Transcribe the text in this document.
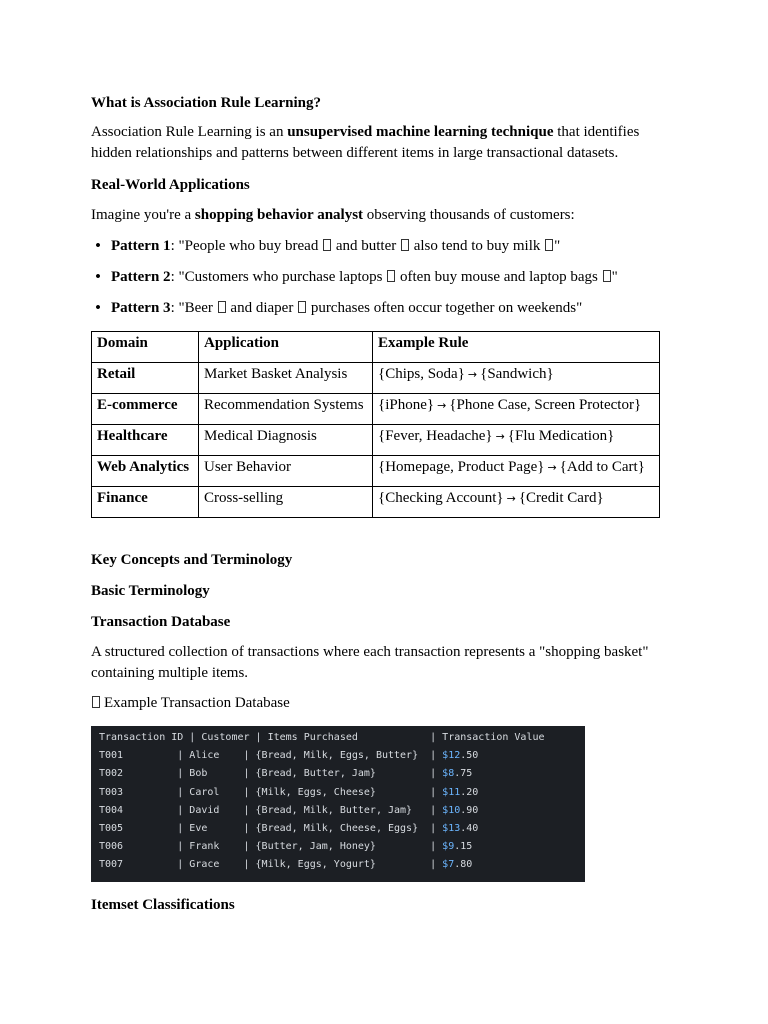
What is Association Rule Learning?
Association Rule Learning is an unsupervised machine learning technique that identifies hidden relationships and patterns between different items in large transactional datasets.
Real-World Applications
Imagine you're a shopping behavior analyst observing thousands of customers:
• Pattern 1: "People who buy bread  and butter  also tend to buy milk "
• Pattern 2: "Customers who purchase laptops  often buy mouse and laptop bags "
• Pattern 3: "Beer  and diaper  purchases often occur together on weekends"
Domain	Application	Example Rule
Retail	Market Basket Analysis	{Chips, Soda} → {Sandwich}
E-commerce	Recommendation Systems	{iPhone} → {Phone Case, Screen Protector}
Healthcare	Medical Diagnosis	{Fever, Headache} → {Flu Medication}
Web Analytics	User Behavior	{Homepage, Product Page} → {Add to Cart}
Finance	Cross-selling	{Checking Account} → {Credit Card}
Key Concepts and Terminology
Basic Terminology
Transaction Database
A structured collection of transactions where each transaction represents a "shopping basket" containing multiple items.
Example Transaction Database
Transaction ID | Customer | Items Purchased            | Transaction Value
T001         | Alice    | {Bread, Milk, Eggs, Butter}  | $12.50
T002         | Bob      | {Bread, Butter, Jam}         | $8.75
T003         | Carol    | {Milk, Eggs, Cheese}         | $11.20
T004         | David    | {Bread, Milk, Butter, Jam}   | $10.90
T005         | Eve      | {Bread, Milk, Cheese, Eggs}  | $13.40
T006         | Frank    | {Butter, Jam, Honey}         | $9.15
T007         | Grace    | {Milk, Eggs, Yogurt}         | $7.80
Itemset Classifications
